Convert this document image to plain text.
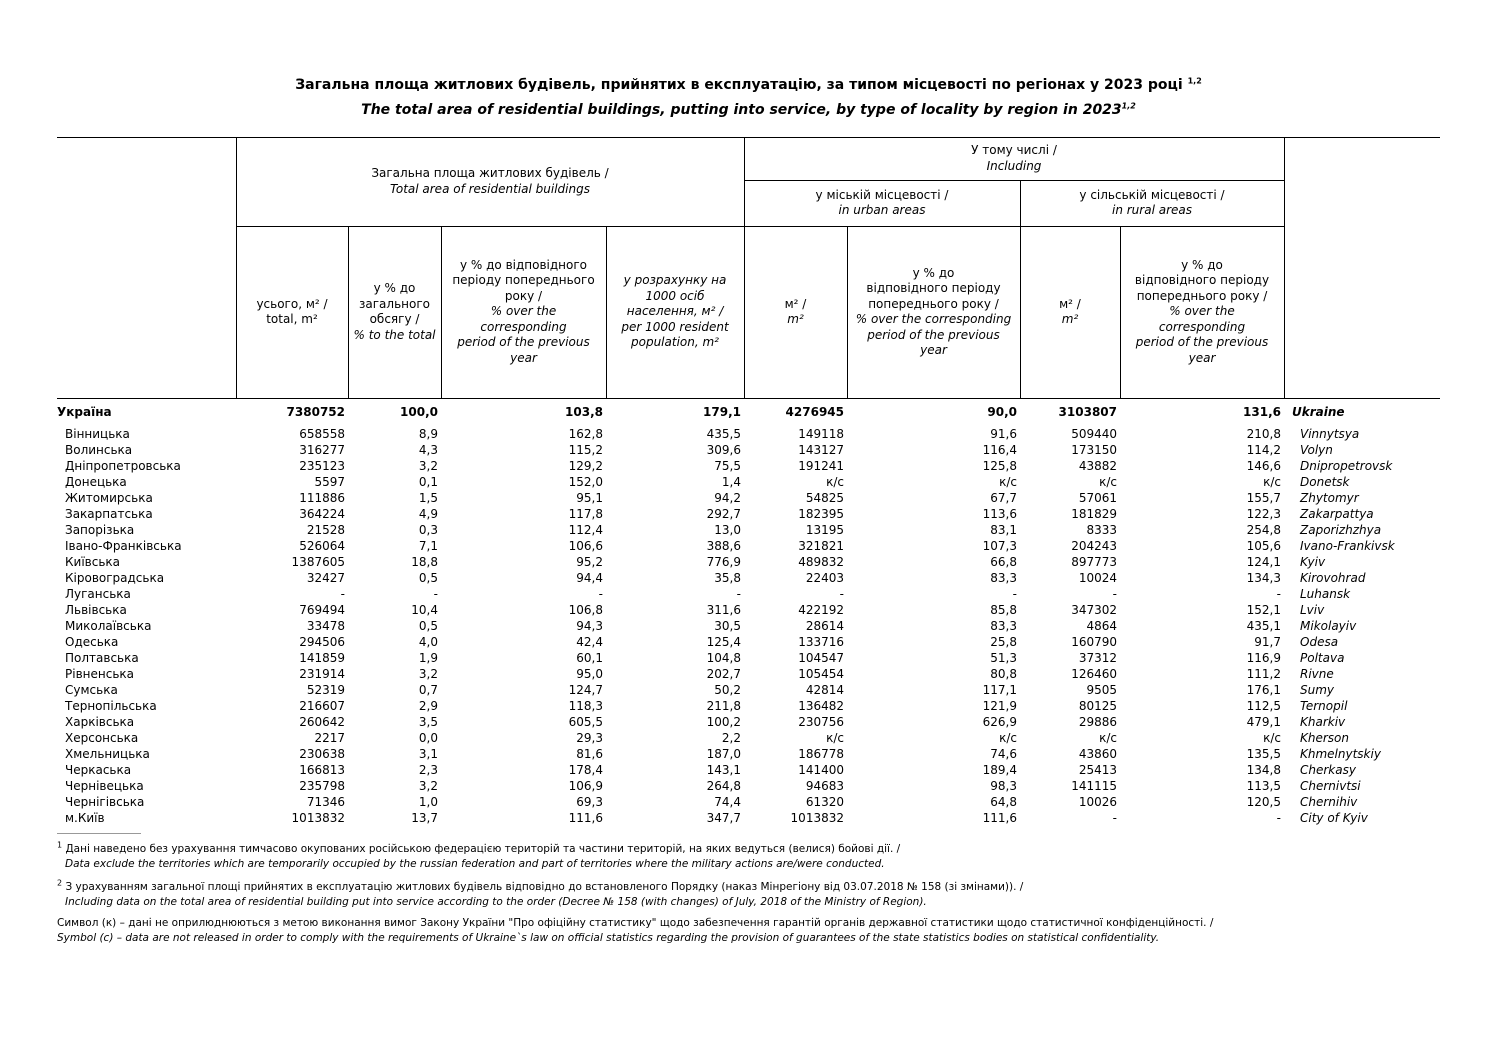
Загальна площа житлових будівель, прийнятих в експлуатацію, за типом місцевості по регіонах у 2023 році $^{1,2}$
The total area of residential buildings, putting into service, by type of locality by region in 2023$^{1,2}$
Загальна площа житлових будівель /
Total area of residential buildings
У тому числі /
Including
у міській місцевості /
in urban areas
у сільській місцевості /
in rural areas
усього, м² /
total, m²
у % до
загального
обсягу /
% to the total
у % до відповідного
періоду попереднього
року /
% over the
corresponding
period of the previous
year
у розрахунку на
1000 осіб
населення, м² /
per 1000 resident
population, m²
м² /
m²
у % до
відповідного періоду
попереднього року /
% over the corresponding
period of the previous
year
м² /
m²
у % до
відповідного періоду
попереднього року /
% over the
corresponding
period of the previous
year
Україна	7380752	100,0	103,8	179,1	4276945	90,0	3103807	131,6	Ukraine

Вінницька	658558	8,9	162,8	435,5	149118	91,6	509440	210,8	Vinnytsya
Волинська	316277	4,3	115,2	309,6	143127	116,4	173150	114,2	Volyn
Дніпропетровська	235123	3,2	129,2	75,5	191241	125,8	43882	146,6	Dnipropetrovsk
Донецька	5597	0,1	152,0	1,4	к/с	к/с	к/с	к/с	Donetsk
Житомирська	111886	1,5	95,1	94,2	54825	67,7	57061	155,7	Zhytomyr
Закарпатська	364224	4,9	117,8	292,7	182395	113,6	181829	122,3	Zakarpattya
Запорізька	21528	0,3	112,4	13,0	13195	83,1	8333	254,8	Zaporizhzhya
Івано-Франківська	526064	7,1	106,6	388,6	321821	107,3	204243	105,6	Ivano-Frankivsk
Київська	1387605	18,8	95,2	776,9	489832	66,8	897773	124,1	Kyiv
Кіровоградська	32427	0,5	94,4	35,8	22403	83,3	10024	134,3	Kirovohrad
Луганська	-	-	-	-	-	-	-	-	Luhansk
Львівська	769494	10,4	106,8	311,6	422192	85,8	347302	152,1	Lviv
Миколаївська	33478	0,5	94,3	30,5	28614	83,3	4864	435,1	Mikolayiv
Одеська	294506	4,0	42,4	125,4	133716	25,8	160790	91,7	Odesa
Полтавська	141859	1,9	60,1	104,8	104547	51,3	37312	116,9	Poltava
Рівненська	231914	3,2	95,0	202,7	105454	80,8	126460	111,2	Rivne
Сумська	52319	0,7	124,7	50,2	42814	117,1	9505	176,1	Sumy
Тернопільська	216607	2,9	118,3	211,8	136482	121,9	80125	112,5	Ternopil
Харківська	260642	3,5	605,5	100,2	230756	626,9	29886	479,1	Kharkiv
Херсонська	2217	0,0	29,3	2,2	к/с	к/с	к/с	к/с	Kherson
Хмельницька	230638	3,1	81,6	187,0	186778	74,6	43860	135,5	Khmelnytskiy
Черкаська	166813	2,3	178,4	143,1	141400	189,4	25413	134,8	Cherkasy
Чернівецька	235798	3,2	106,9	264,8	94683	98,3	141115	113,5	Chernivtsi
Чернігівська	71346	1,0	69,3	74,4	61320	64,8	10026	120,5	Chernihiv
м.Київ	1013832	13,7	111,6	347,7	1013832	111,6	-	-	City of Kyiv
$^1$ Дані наведено без урахування тимчасово окупованих російською федерацією територій та частини територій, на яких ведуться (велися) бойові дії. /
Data exclude the territories which are temporarily occupied by the russian federation and part of territories where the military actions are/were conducted.
$^2$ З урахуванням загальної площі прийнятих в експлуатацію житлових будівель відповідно до встановленого Порядку (наказ Мінрегіону від 03.07.2018 № 158 (зі змінами)). /
Including data on the total area of residential building put into service according to the order (Decree № 158 (with changes) of July, 2018 of the Ministry of Region).
Символ (к) – дані не оприлюднюються з метою виконання вимог Закону України "Про офіційну статистику" щодо забезпечення гарантій органів державної статистики щодо статистичної конфіденційності. /
Symbol (c) – data are not released in order to comply with the requirements of Ukraine`s law on official statistics regarding the provision of guarantees of the state statistics bodies on statistical confidentiality.
